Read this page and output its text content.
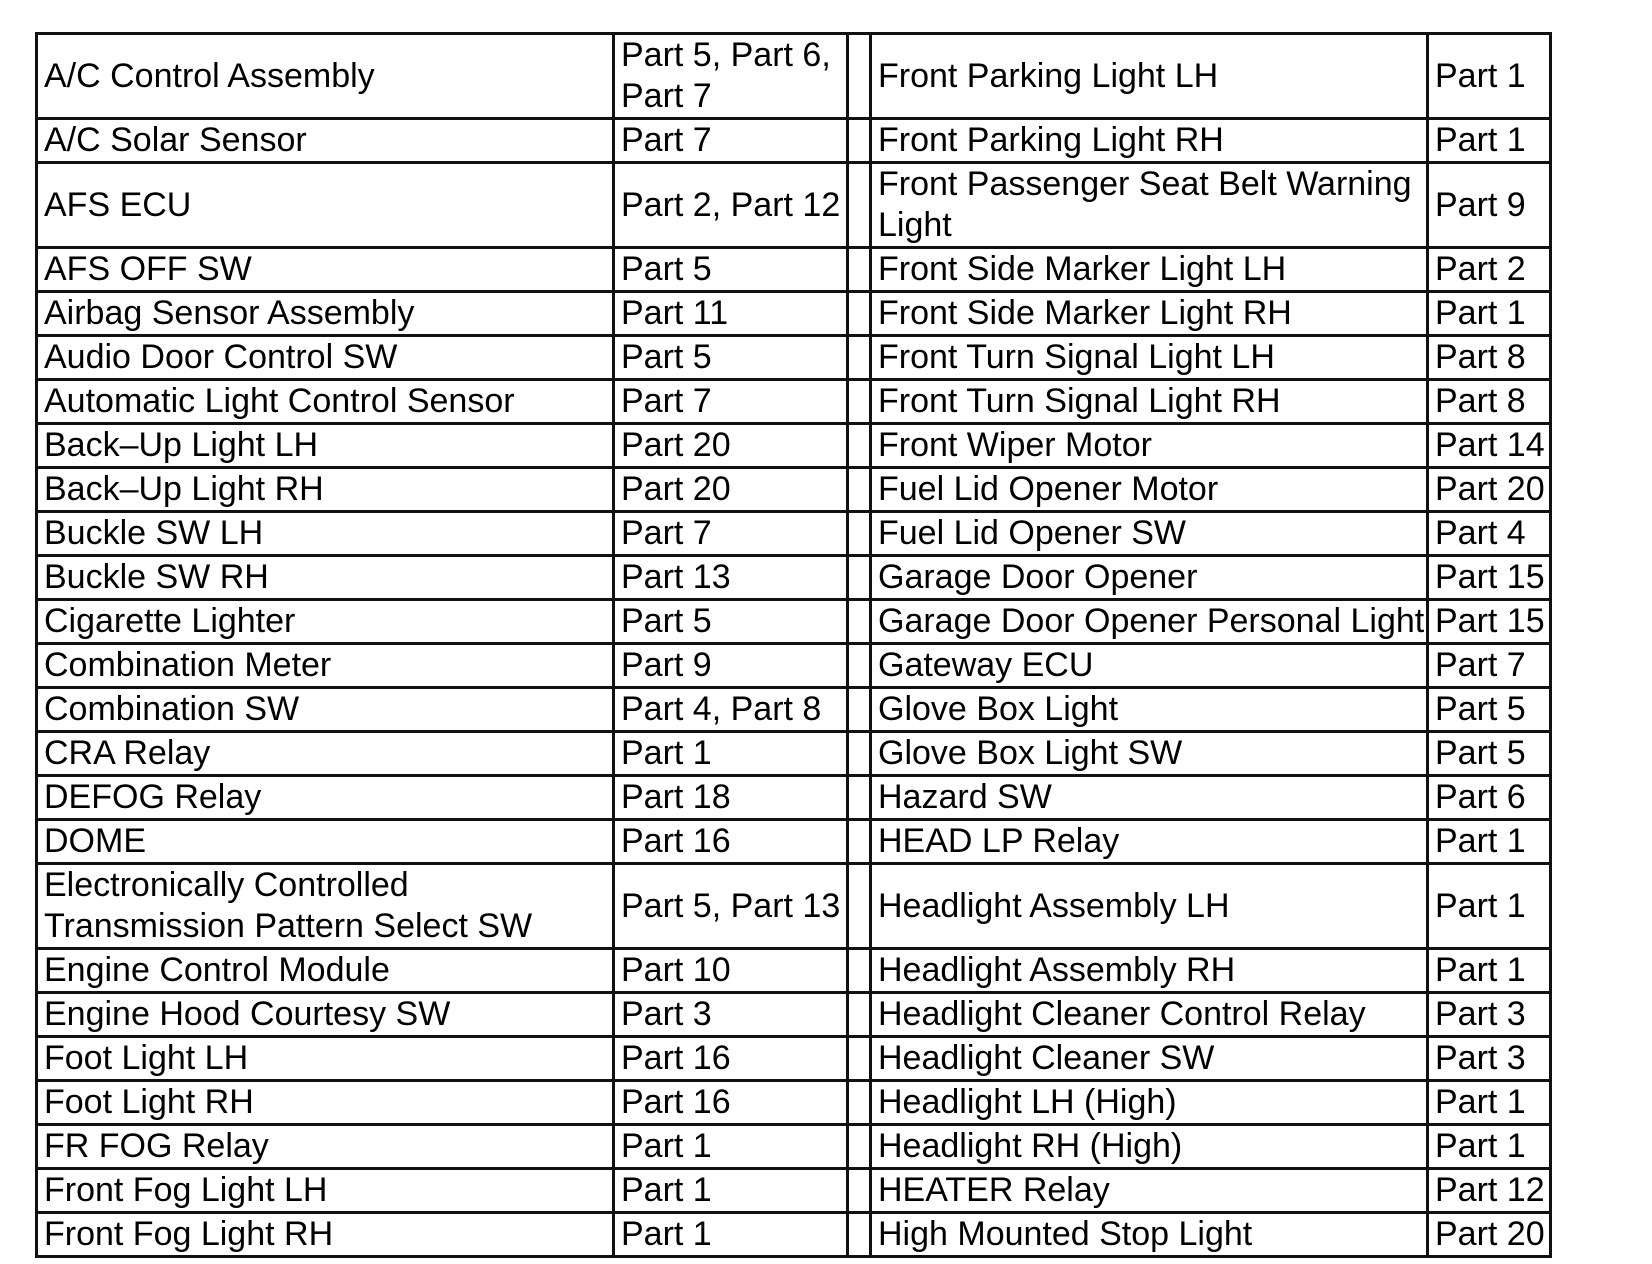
A/C Control Assembly	Part 5, Part 6, Part 7		Front Parking Light LH	Part 1
A/C Solar Sensor	Part 7		Front Parking Light RH	Part 1
AFS ECU	Part 2, Part 12		Front Passenger Seat Belt Warning Light	Part 9
AFS OFF SW	Part 5		Front Side Marker Light LH	Part 2
Airbag Sensor Assembly	Part 11		Front Side Marker Light RH	Part 1
Audio Door Control SW	Part 5		Front Turn Signal Light LH	Part 8
Automatic Light Control Sensor	Part 7		Front Turn Signal Light RH	Part 8
Back–Up Light LH	Part 20		Front Wiper Motor	Part 14
Back–Up Light RH	Part 20		Fuel Lid Opener Motor	Part 20
Buckle SW LH	Part 7		Fuel Lid Opener SW	Part 4
Buckle SW RH	Part 13		Garage Door Opener	Part 15
Cigarette Lighter	Part 5		Garage Door Opener Personal Light	Part 15
Combination Meter	Part 9		Gateway ECU	Part 7
Combination SW	Part 4, Part 8		Glove Box Light	Part 5
CRA Relay	Part 1		Glove Box Light SW	Part 5
DEFOG Relay	Part 18		Hazard SW	Part 6
DOME	Part 16		HEAD LP Relay	Part 1
Electronically Controlled Transmission Pattern Select SW	Part 5, Part 13		Headlight Assembly LH	Part 1
Engine Control Module	Part 10		Headlight Assembly RH	Part 1
Engine Hood Courtesy SW	Part 3		Headlight Cleaner Control Relay	Part 3
Foot Light LH	Part 16		Headlight Cleaner SW	Part 3
Foot Light RH	Part 16		Headlight LH (High)	Part 1
FR FOG Relay	Part 1		Headlight RH (High)	Part 1
Front Fog Light LH	Part 1		HEATER Relay	Part 12
Front Fog Light RH	Part 1		High Mounted Stop Light	Part 20
